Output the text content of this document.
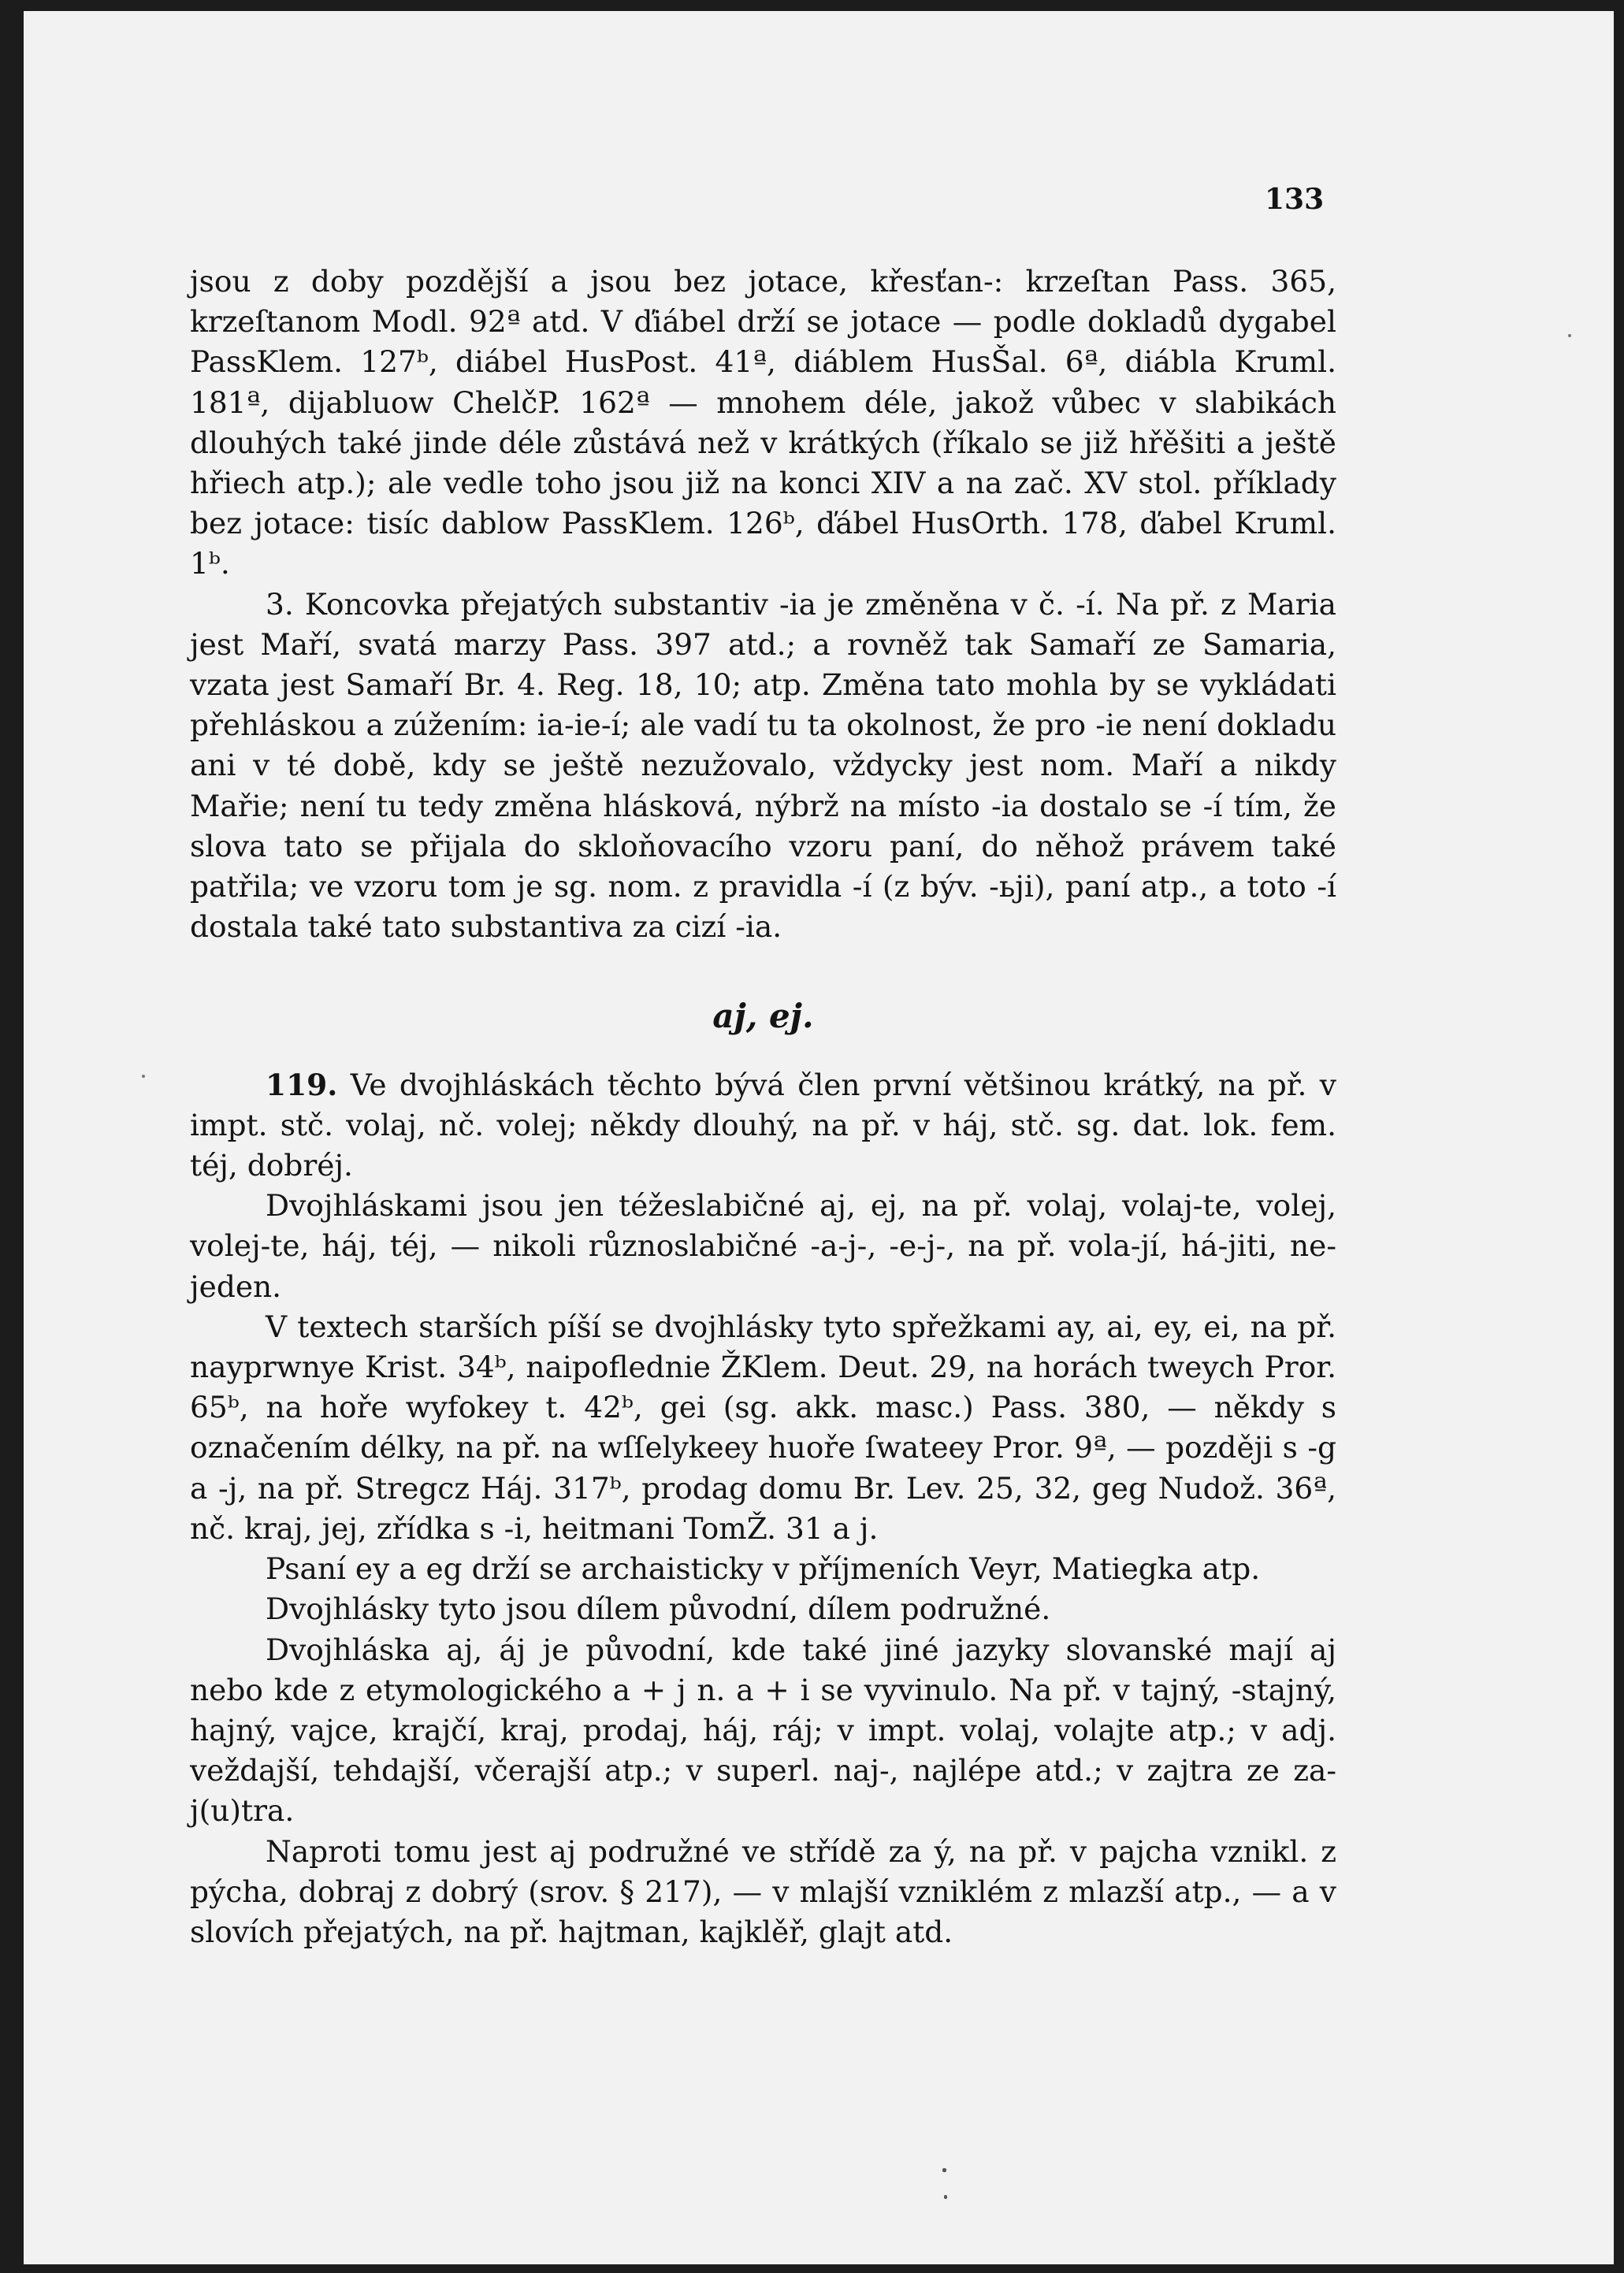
133

jsou z doby pozdější a jsou bez jotace, křesťan-: krzeſtan Pass. 365, krzeſtanom Modl. 92ª atd. V ďiábel drží se jotace — podle dokladů dygabel PassKlem. 127ᵇ, diábel HusPost. 41ª, diáblem HusŠal. 6ª, diábla Kruml. 181ª, dijabluow ChelčP. 162ª — mnohem déle, jakož vůbec v slabikách dlouhých také jinde déle zůstává než v krátkých (říkalo se již hřěšiti a ještě hřiech atp.); ale vedle toho jsou již na konci XIV a na zač. XV stol. příklady bez jotace: tisíc dablow PassKlem. 126ᵇ, ďábel HusOrth. 178, ďabel Kruml. 1ᵇ.

3. Koncovka přejatých substantiv -ia je změněna v č. -í. Na př. z Maria jest Maří, svatá marzy Pass. 397 atd.; a rovněž tak Samaří ze Samaria, vzata jest Samaří Br. 4. Reg. 18, 10; atp. Změna tato mohla by se vykládati přehláskou a zúžením: ia-ie-í; ale vadí tu ta okolnost, že pro -ie není dokladu ani v té době, kdy se ještě nezužovalo, vždycky jest nom. Maří a nikdy Mařie; není tu tedy změna hlásková, nýbrž na místo -ia dostalo se -í tím, že slova tato se přijala do skloňovacího vzoru paní, do něhož právem také patřila; ve vzoru tom je sg. nom. z pravidla -í (z býv. -ьji), paní atp., a toto -í dostala také tato substantiva za cizí -ia.

aj, ej.

119. Ve dvojhláskách těchto bývá člen první většinou krátký, na př. v impt. stč. volaj, nč. volej; někdy dlouhý, na př. v háj, stč. sg. dat. lok. fem. téj, dobréj.

Dvojhláskami jsou jen téžeslabičné aj, ej, na př. volaj, volaj-te, volej, volej-te, háj, téj, — nikoli různoslabičné -a-j-, -e-j-, na př. vola-jí, há-jiti, ne-jeden.

V textech starších píší se dvojhlásky tyto spřežkami ay, ai, ey, ei, na př. nayprwnye Krist. 34ᵇ, naipoflednie ŽKlem. Deut. 29, na horách tweych Pror. 65ᵇ, na hoře wyfokey t. 42ᵇ, gei (sg. akk. masc.) Pass. 380, — někdy s označením délky, na př. na wſſelykeey huoře ſwateey Pror. 9ª, — později s -g a -j, na př. Stregcz Háj. 317ᵇ, prodag domu Br. Lev. 25, 32, geg Nudož. 36ª, nč. kraj, jej, zřídka s -i, heitmani TomŽ. 31 a j.

Psaní ey a eg drží se archaisticky v příjmeních Veyr, Matiegka atp.

Dvojhlásky tyto jsou dílem původní, dílem podružné.

Dvojhláska aj, áj je původní, kde také jiné jazyky slovanské mají aj nebo kde z etymologického a + j n. a + i se vyvinulo. Na př. v tajný, -stajný, hajný, vajce, krajčí, kraj, prodaj, háj, ráj; v impt. volaj, volajte atp.; v adj. veždajší, tehdajší, včerajší atp.; v superl. naj-, najlépe atd.; v zajtra ze za-j(u)tra.

Naproti tomu jest aj podružné ve střídě za ý, na př. v pajcha vznikl. z pýcha, dobraj z dobrý (srov. § 217), — v mlajší vzniklém z mlazší atp., — a v slovích přejatých, na př. hajtman, kajklěř, glajt atd.
